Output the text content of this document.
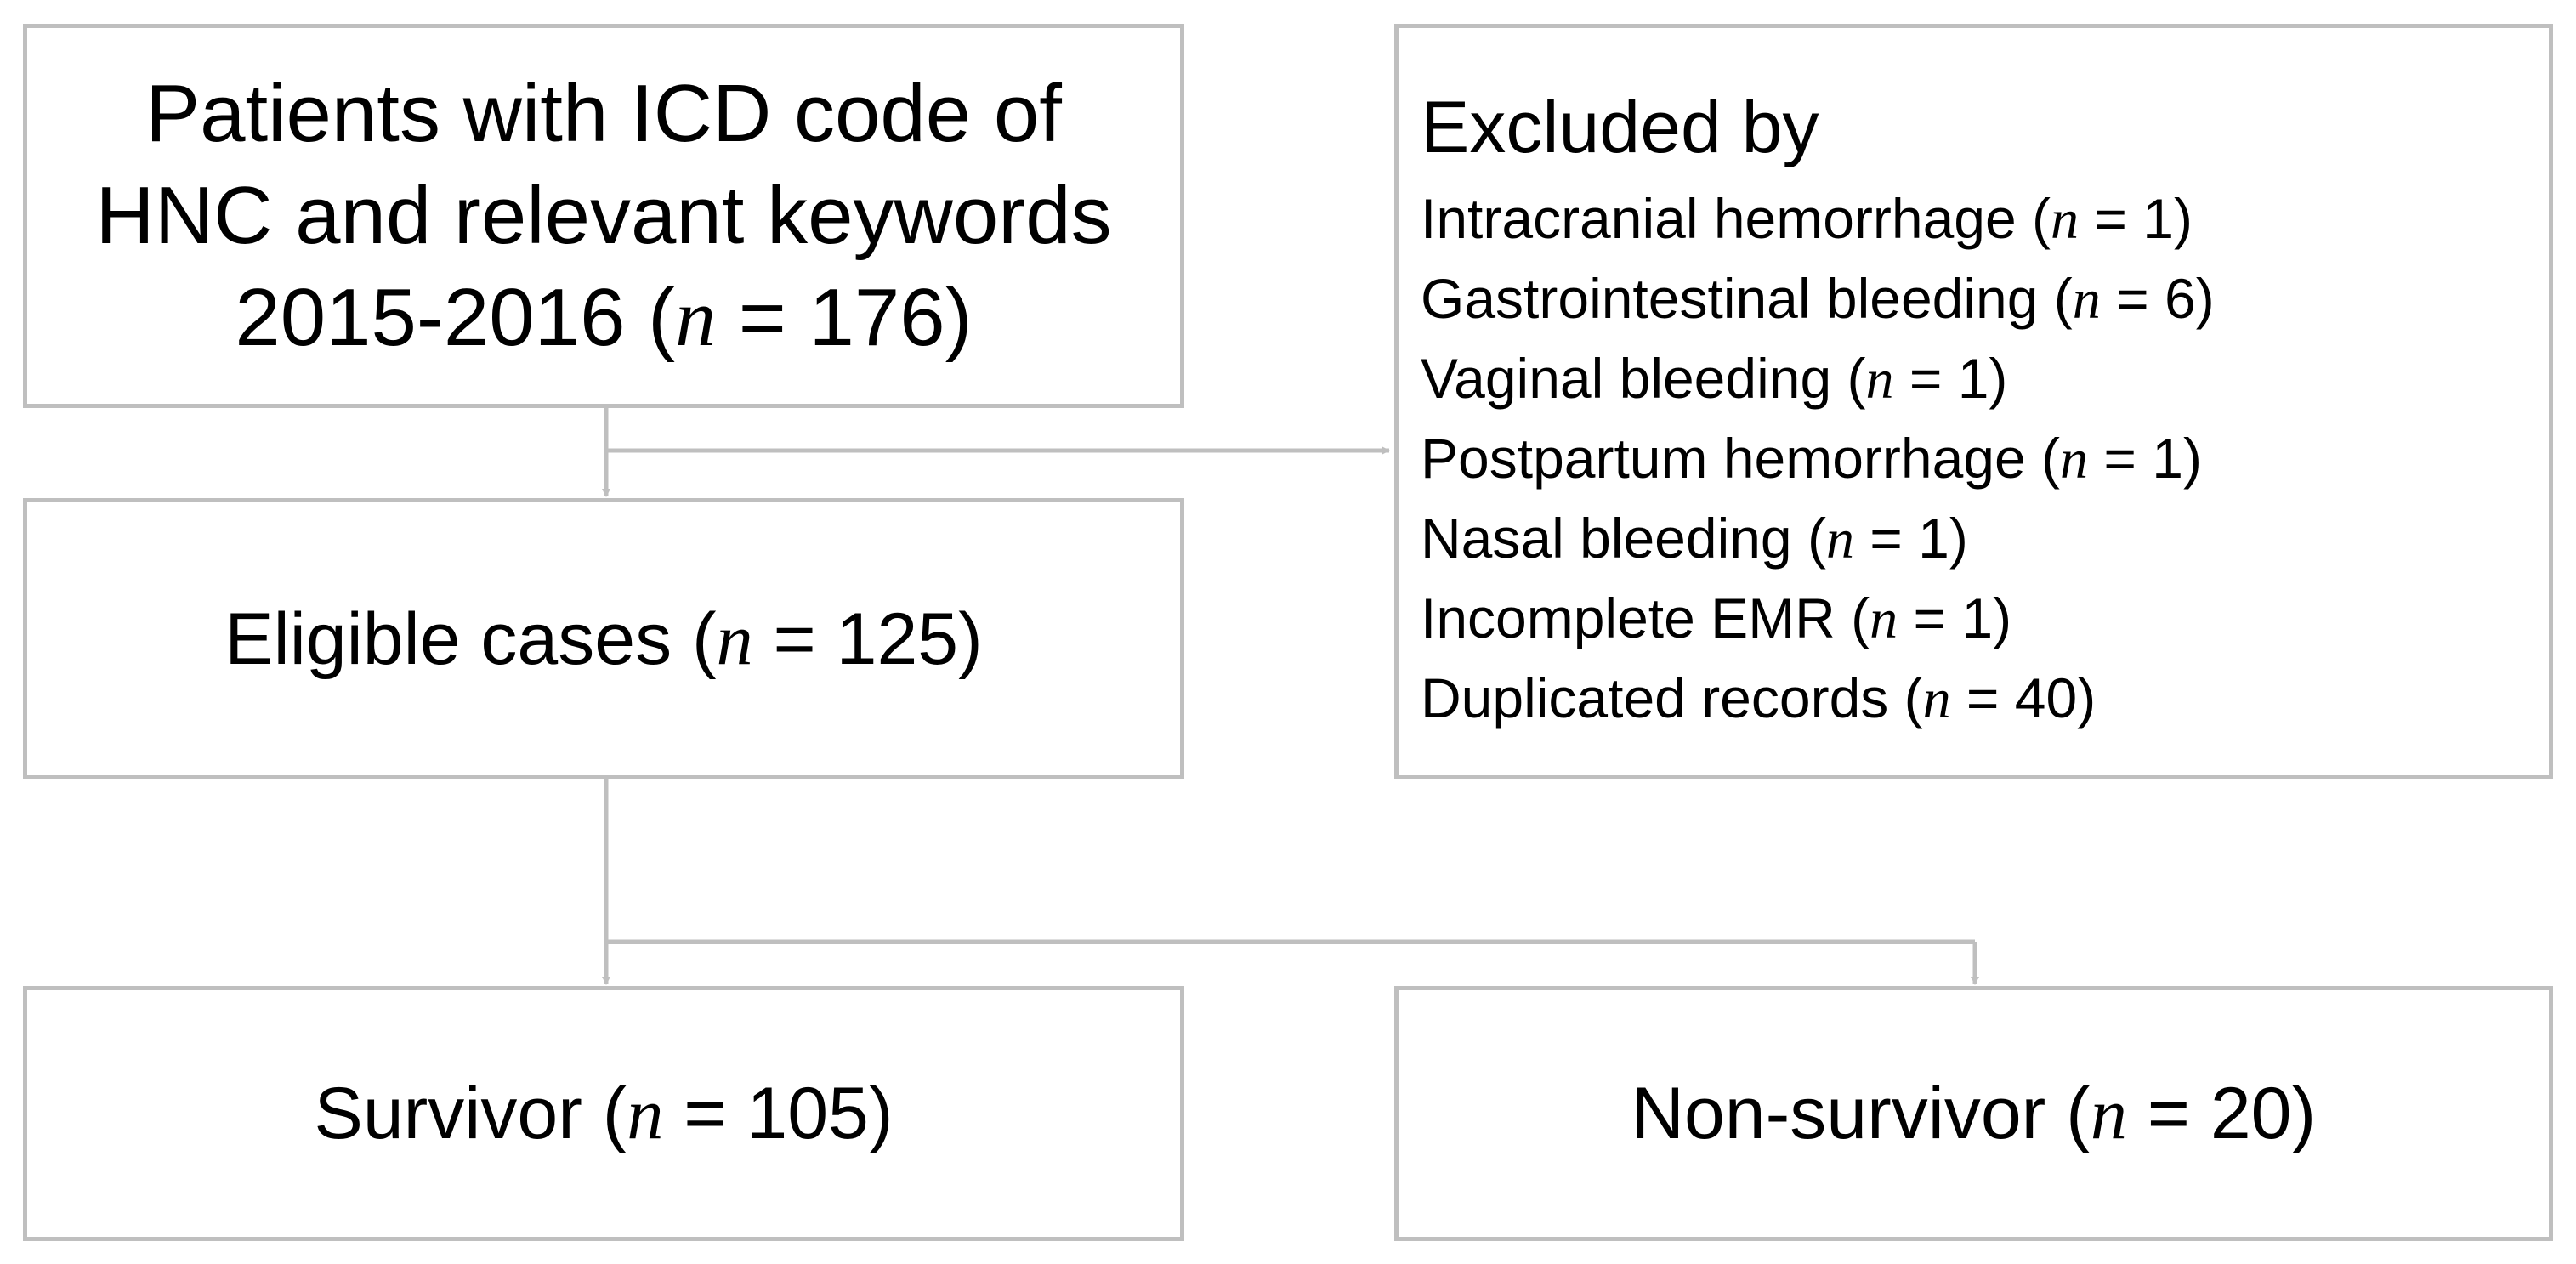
Patients with ICD code of
HNC and relevant keywords
2015-2016 (n = 176)
Excluded by
Intracranial hemorrhage (n = 1)
Gastrointestinal bleeding (n = 6)
Vaginal bleeding (n = 1)
Postpartum hemorrhage (n = 1)
Nasal bleeding (n = 1)
Incomplete EMR (n = 1)
Duplicated records (n = 40)
Eligible cases (n = 125)
Survivor (n = 105)	Non-survivor (n = 20)
